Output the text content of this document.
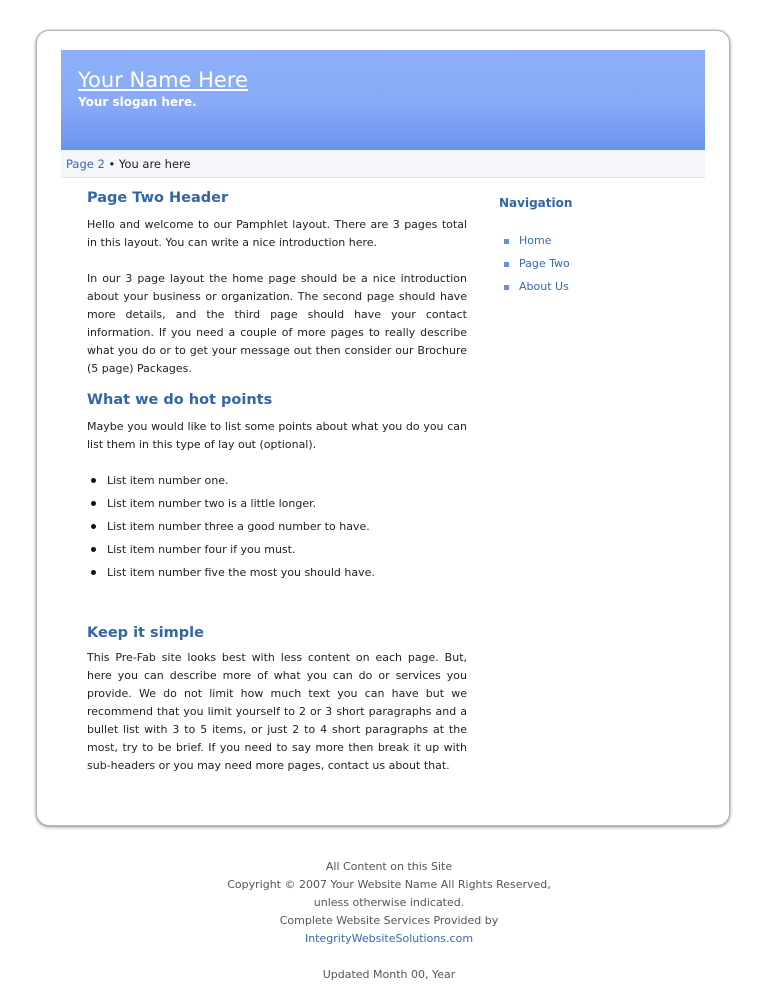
Your Name Here
Your slogan here.
Page 2 • You are here
Page Two Header

Hello and welcome to our Pamphlet layout. There are 3 pages total in this layout. You can write a nice introduction here.

In our 3 page layout the home page should be a nice introduction about your business or organization. The second page should have more details, and the third page should have your contact information. If you need a couple of more pages to really describe what you do or to get your message out then consider our Brochure (5 page) Packages.

What we do hot points

Maybe you would like to list some points about what you do you can list them in this type of lay out (optional).

List item number one.
List item number two is a little longer.
List item number three a good number to have.
List item number four if you must.
List item number five the most you should have.
Keep it simple

This Pre-Fab site looks best with less content on each page. But, here you can describe more of what you can do or services you provide. We do not limit how much text you can have but we recommend that you limit yourself to 2 or 3 short paragraphs and a bullet list with 3 to 5 items, or just 2 to 4 short paragraphs at the most, try to be brief. If you need to say more then break it up with sub-headers or you may need more pages, contact us about that.

Navigation
Home
Page Two
About Us
All Content on this Site
Copyright © 2007 Your Website Name All Rights Reserved,
unless otherwise indicated.
Complete Website Services Provided by
IntegrityWebsiteSolutions.com
Updated Month 00, Year
